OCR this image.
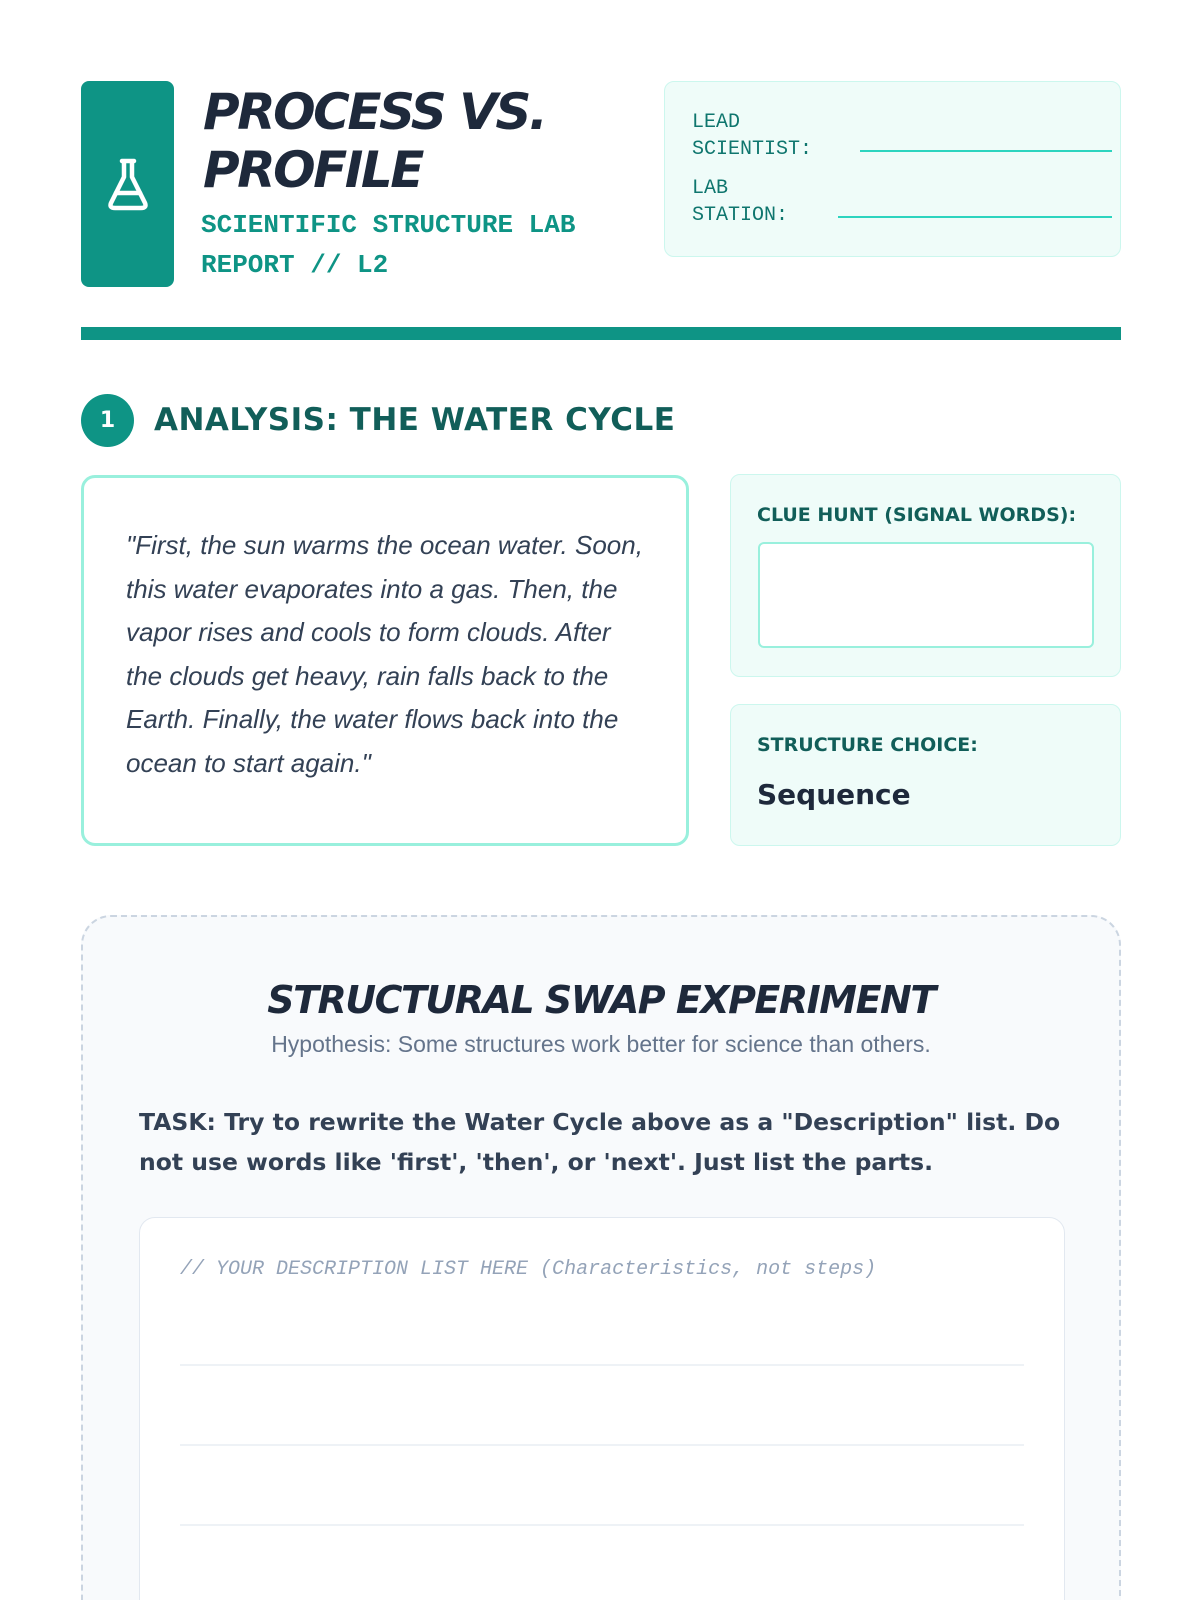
PROCESS VS. PROFILE
SCIENTIFIC STRUCTURE LAB REPORT // L2
LEAD
SCIENTIST:
LAB
STATION:
1	ANALYSIS: THE WATER CYCLE

"First, the sun warms the ocean water. Soon, this water evaporates into a gas. Then, the vapor rises and cools to form clouds. After the clouds get heavy, rain falls back to the Earth. Finally, the water flows back into the ocean to start again."

CLUE HUNT (SIGNAL WORDS):
STRUCTURE CHOICE:
Sequence
STRUCTURAL SWAP EXPERIMENT
Hypothesis: Some structures work better for science than others.
TASK: Try to rewrite the Water Cycle above as a "Description" list. Do not use words like 'first', 'then', or 'next'. Just list the parts.
// YOUR DESCRIPTION LIST HERE (Characteristics, not steps)
